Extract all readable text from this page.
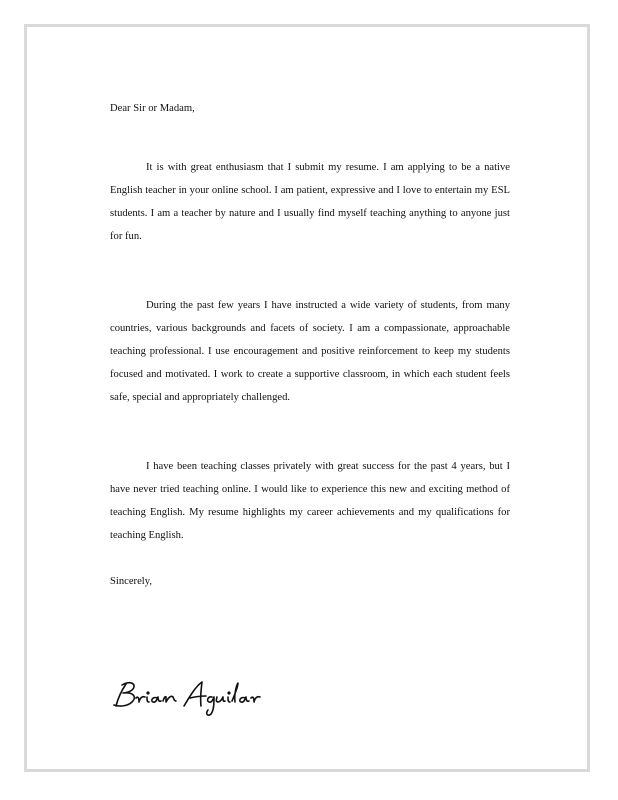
Dear Sir or Madam,

It is with great enthusiasm that I submit my resume. I am applying to be a native English teacher in your online school. I am patient, expressive and I love to entertain my ESL students. I am a teacher by nature and I usually find myself teaching anything to anyone just for fun.

During the past few years I have instructed a wide variety of students, from many countries, various backgrounds and facets of society. I am a compassionate, approachable teaching professional. I use encouragement and positive reinforcement to keep my students focused and motivated. I work to create a supportive classroom, in which each student feels safe, special and appropriately challenged.

I have been teaching classes privately with great success for the past 4 years, but I have never tried teaching online. I would like to experience this new and exciting method of teaching English. My resume highlights my career achievements and my qualifications for teaching English.

Sincerely,
